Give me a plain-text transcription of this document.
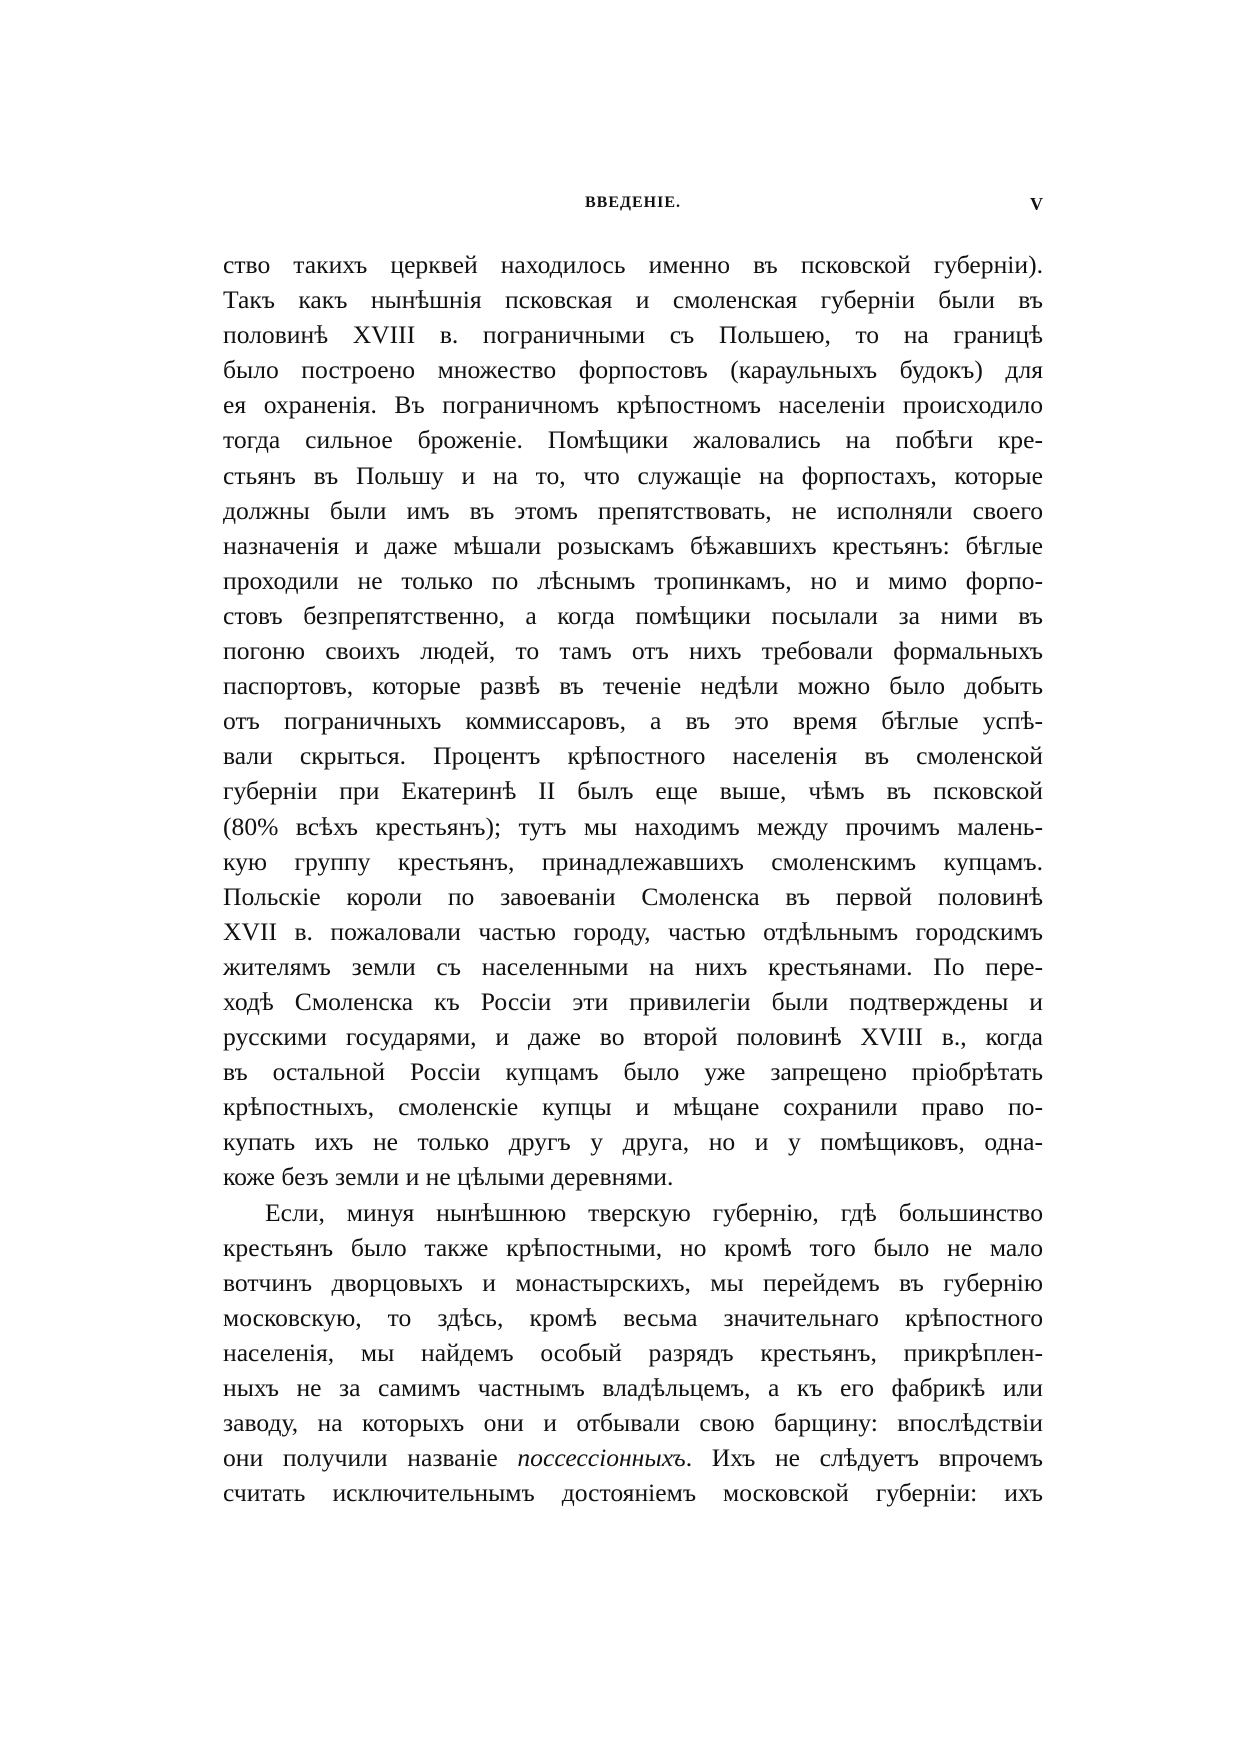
ВВЕДЕНІЕ.	V
ство такихъ церквей находилось именно въ псковской губерніи).
Такъ какъ нынѣшнія псковская и смоленская губерніи были въ
половинѣ XVIII в. пограничными съ Польшею, то на границѣ
было построено множество форпостовъ (караульныхъ будокъ) для
ея охраненія. Въ пограничномъ крѣпостномъ населеніи происходило
тогда сильное броженіе. Помѣщики жаловались на побѣги кре-
стьянъ въ Польшу и на то, что служащіе на форпостахъ, которые
должны были имъ въ этомъ препятствовать, не исполняли своего
назначенія и даже мѣшали розыскамъ бѣжавшихъ крестьянъ: бѣглые
проходили не только по лѣснымъ тропинкамъ, но и мимо форпо-
стовъ безпрепятственно, а когда помѣщики посылали за ними въ
погоню своихъ людей, то тамъ отъ нихъ требовали формальныхъ
паспортовъ, которые развѣ въ теченіе недѣли можно было добыть
отъ пограничныхъ коммиссаровъ, а въ это время бѣглые успѣ-
вали скрыться. Процентъ крѣпостного населенія въ смоленской
губерніи при Екатеринѣ II былъ еще выше, чѣмъ въ псковской
(80% всѣхъ крестьянъ); тутъ мы находимъ между прочимъ малень-
кую группу крестьянъ, принадлежавшихъ смоленскимъ купцамъ.
Польскіе короли по завоеваніи Смоленска въ первой половинѣ
XVII в. пожаловали частью городу, частью отдѣльнымъ городскимъ
жителямъ земли съ населенными на нихъ крестьянами. По пере-
ходѣ Смоленска къ Россіи эти привилегіи были подтверждены и
русскими государями, и даже во второй половинѣ XVIII в., когда
въ остальной Россіи купцамъ было уже запрещено пріобрѣтать
крѣпостныхъ, смоленскіе купцы и мѣщане сохранили право по-
купать ихъ не только другъ у друга, но и у помѣщиковъ, одна-
коже безъ земли и не цѣлыми деревнями.
Если, минуя нынѣшнюю тверскую губернію, гдѣ большинство
крестьянъ было также крѣпостными, но кромѣ того было не мало
вотчинъ дворцовыхъ и монастырскихъ, мы перейдемъ въ губернію
московскую, то здѣсь, кромѣ весьма значительнаго крѣпостного
населенія, мы найдемъ особый разрядъ крестьянъ, прикрѣплен-
ныхъ не за самимъ частнымъ владѣльцемъ, а къ его фабрикѣ или
заводу, на которыхъ они и отбывали свою барщину: впослѣдствіи
они получили названіе поссессіонныхъ. Ихъ не слѣдуетъ впрочемъ
считать исключительнымъ достояніемъ московской губерніи: ихъ
